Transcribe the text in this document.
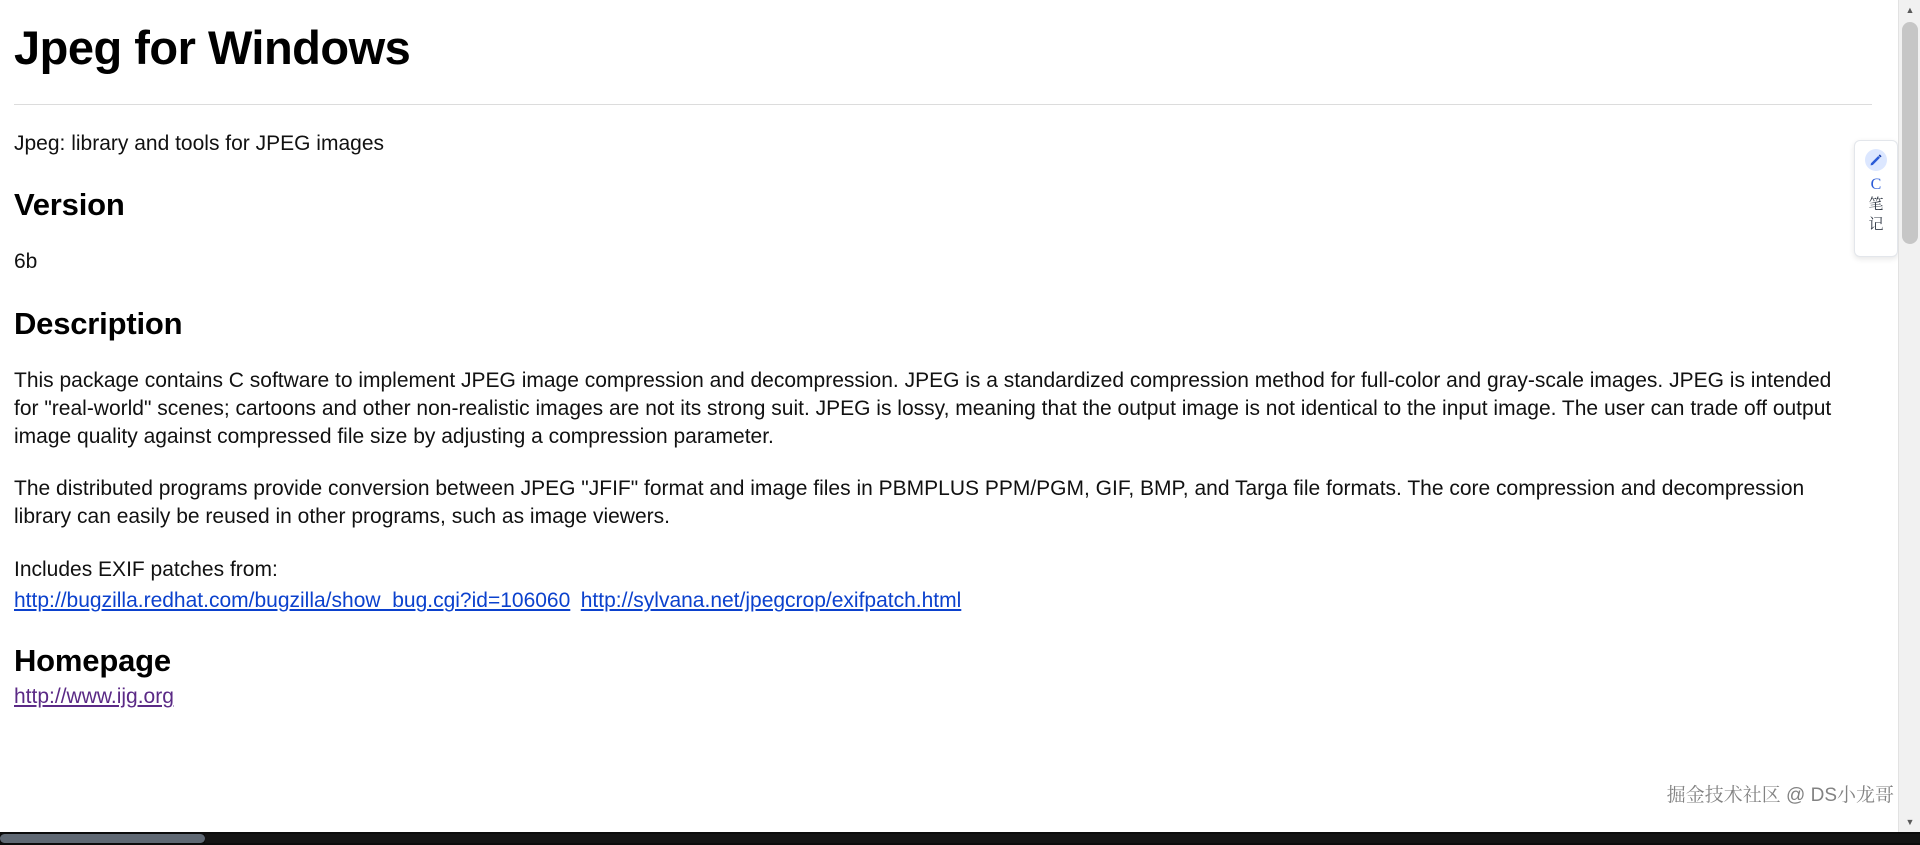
Jpeg for Windows

Jpeg: library and tools for JPEG images

Version

6b

Description

This package contains C software to implement JPEG image compression and decompression. JPEG is a standardized compression method for full-color and gray-scale images. JPEG is intended for "real-world" scenes; cartoons and other non-realistic images are not its strong suit. JPEG is lossy, meaning that the output image is not identical to the input image. The user can trade off output image quality against compressed file size by adjusting a compression parameter.

The distributed programs provide conversion between JPEG "JFIF" format and image files in PBMPLUS PPM/PGM, GIF, BMP, and Targa file formats. The core compression and decompression library can easily be reused in other programs, such as image viewers.

Includes EXIF patches from:

http://bugzilla.redhat.com/bugzilla/show_bug.cgi?id=106060 http://sylvana.net/jpegcrop/exifpatch.html
Homepage
http://www.ijg.org
C
笔
记
掘金技术社区 @ DS小龙哥
▲
▼
